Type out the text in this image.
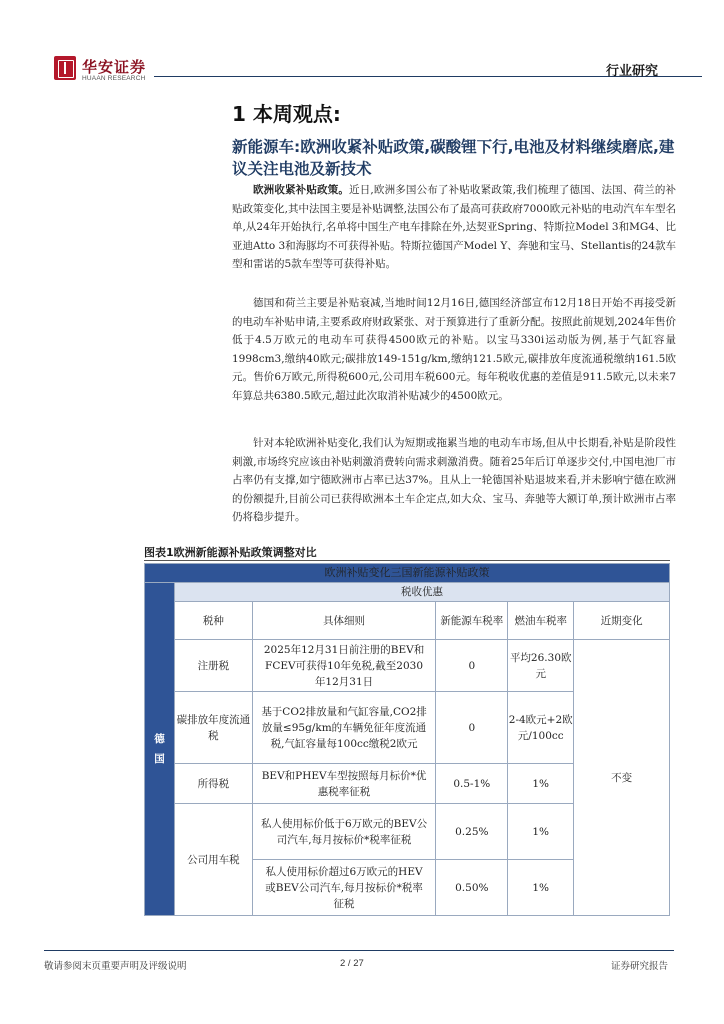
华安证券
HUAAN RESEARCH	行业研究
1 本周观点:
新能源车:欧洲收紧补贴政策,碳酸锂下行,电池及材料继续磨底,建议关注电池及新技术
欧洲收紧补贴政策。近日,欧洲多国公布了补贴收紧政策,我们梳理了德国、法国、荷兰的补贴政策变化,其中法国主要是补贴调整,法国公布了最高可获政府7000欧元补贴的电动汽车车型名单,从24年开始执行,名单将中国生产电车排除在外,达契亚Spring、特斯拉Model 3和MG4、比亚迪Atto 3和海豚均不可获得补贴。特斯拉德国产Model Y、奔驰和宝马、Stellantis的24款车型和雷诺的5款车型等可获得补贴。
德国和荷兰主要是补贴衰减,当地时间12月16日,德国经济部宣布12月18日开始不再接受新的电动车补贴申请,主要系政府财政紧张、对于预算进行了重新分配。按照此前规划,2024年售价低于4.5万欧元的电动车可获得4500欧元的补贴。以宝马330i运动版为例,基于气缸容量1998cm3,缴纳40欧元;碳排放149-151g/km,缴纳121.5欧元,碳排放年度流通税缴纳161.5欧元。售价6万欧元,所得税600元,公司用车税600元。每年税收优惠的差值是911.5欧元,以未来7年算总共6380.5欧元,超过此次取消补贴减少的4500欧元。
针对本轮欧洲补贴变化,我们认为短期或拖累当地的电动车市场,但从中长期看,补贴是阶段性刺激,市场终究应该由补贴刺激消费转向需求刺激消费。随着25年后订单逐步交付,中国电池厂市占率仍有支撑,如宁德欧洲市占率已达37%。且从上一轮德国补贴退坡来看,并未影响宁德在欧洲的份额提升,目前公司已获得欧洲本土车企定点,如大众、宝马、奔驰等大额订单,预计欧洲市占率仍将稳步提升。
图表1欧洲新能源补贴政策调整对比
欧洲补贴变化三国新能源补贴政策					

德国	税收优惠				
	税种	具体细则	新能源车税率	燃油车税率	近期变化
	注册税	2025年12月31日前注册的BEV和FCEV可获得10年免税,截至2030年12月31日	0	平均26.30欧元	不变
	碳排放年度流通税	基于CO2排放量和气缸容量,CO2排放量≤95g/km的车辆免征年度流通税,气缸容量每100cc缴税2欧元	0	2-4欧元+2欧元/100cc	
	所得税	BEV和PHEV车型按照每月标价*优惠税率征税	0.5-1%	1%	
	公司用车税	私人使用标价低于6万欧元的BEV公司汽车,每月按标价*税率征税	0.25%	1%	
		私人使用标价超过6万欧元的HEV或BEV公司汽车,每月按标价*税率征税	0.50%	1%	
敬请参阅末页重要声明及评级说明	2 / 27	证券研究报告
